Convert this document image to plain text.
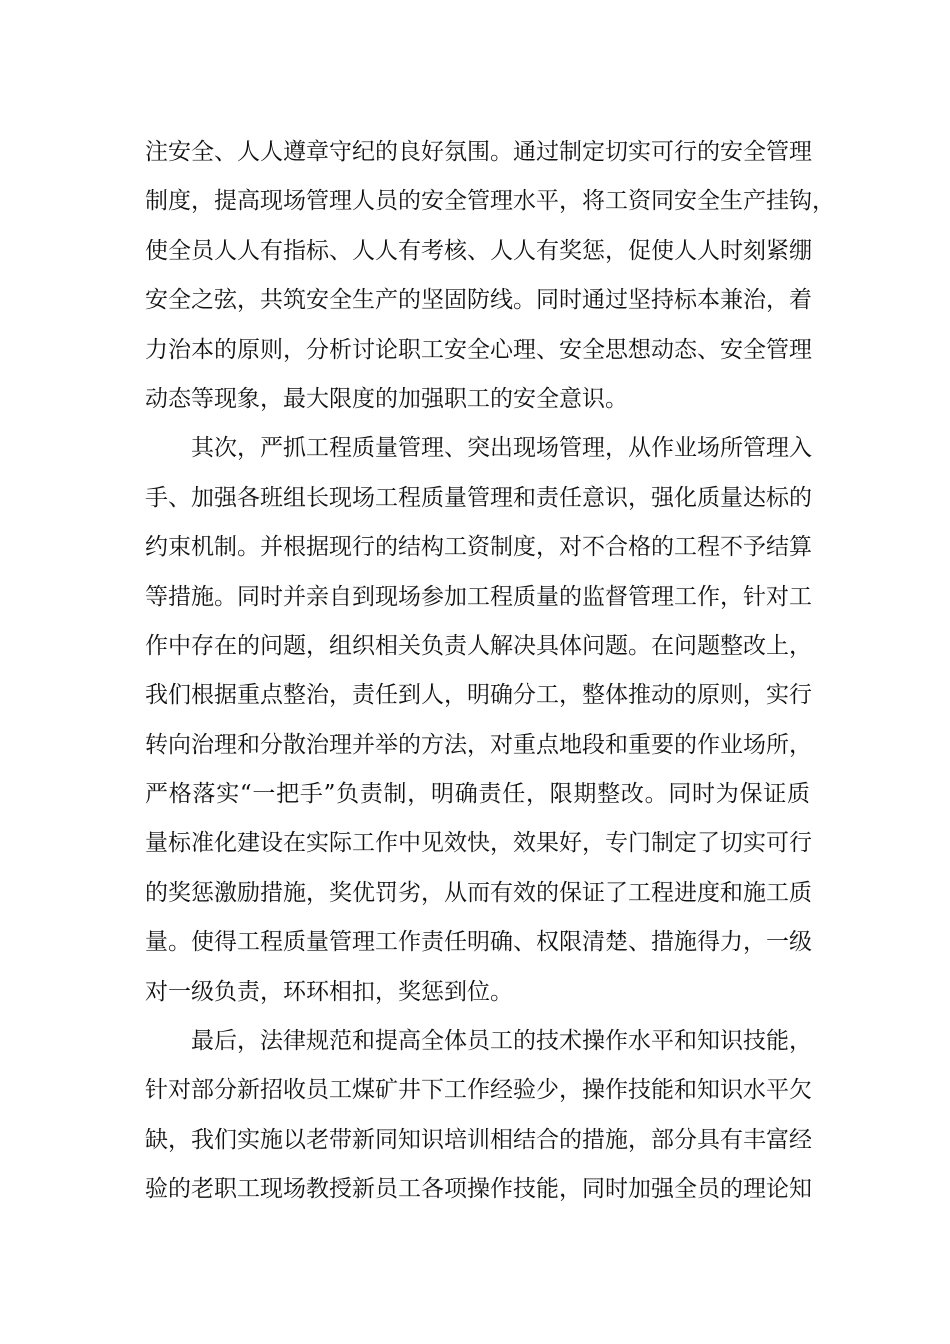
注安全、人人遵章守纪的良好氛围。通过制定切实可行的安全管理

制度，提高现场管理人员的安全管理水平，将工资同安全生产挂钩，

使全员人人有指标、人人有考核、人人有奖惩，促使人人时刻紧绷

安全之弦，共筑安全生产的坚固防线。同时通过坚持标本兼治，着

力治本的原则，分析讨论职工安全心理、安全思想动态、安全管理

动态等现象，最大限度的加强职工的安全意识。

其次，严抓工程质量管理、突出现场管理，从作业场所管理入

手、加强各班组长现场工程质量管理和责任意识，强化质量达标的

约束机制。并根据现行的结构工资制度，对不合格的工程不予结算

等措施。同时并亲自到现场参加工程质量的监督管理工作，针对工

作中存在的问题，组织相关负责人解决具体问题。在问题整改上，

我们根据重点整治，责任到人，明确分工，整体推动的原则，实行

转向治理和分散治理并举的方法，对重点地段和重要的作业场所，

严格落实“一把手”负责制，明确责任，限期整改。同时为保证质

量标准化建设在实际工作中见效快，效果好，专门制定了切实可行

的奖惩激励措施，奖优罚劣，从而有效的保证了工程进度和施工质

量。使得工程质量管理工作责任明确、权限清楚、措施得力，一级

对一级负责，环环相扣，奖惩到位。

最后，法律规范和提高全体员工的技术操作水平和知识技能，

针对部分新招收员工煤矿井下工作经验少，操作技能和知识水平欠

缺，我们实施以老带新同知识培训相结合的措施，部分具有丰富经

验的老职工现场教授新员工各项操作技能，同时加强全员的理论知
